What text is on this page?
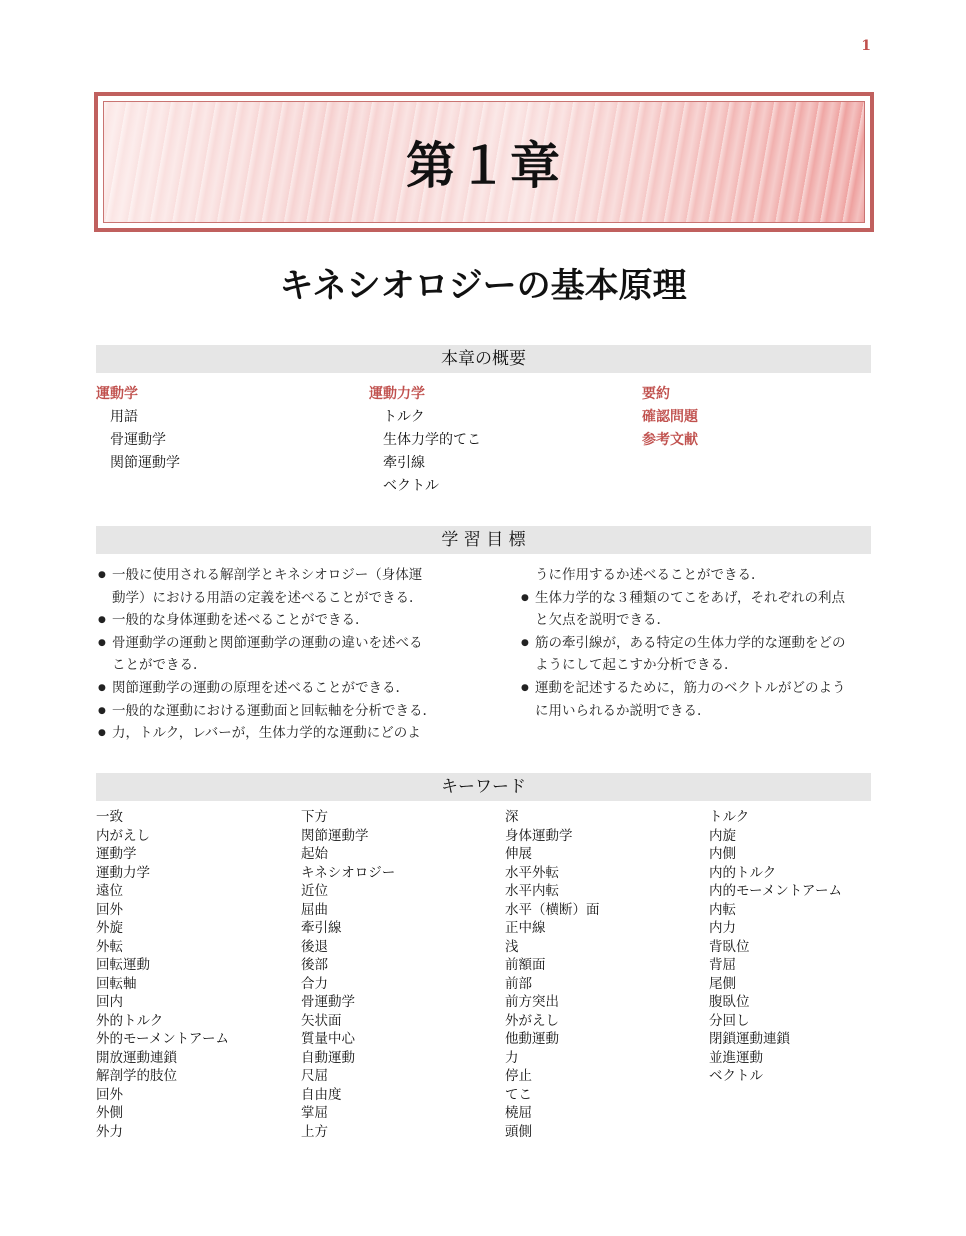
1
第１章
キネシオロジーの基本原理
本章の概要
運動学
用語
骨運動学
関節運動学
運動力学
トルク
生体力学的てこ
牽引線
ベクトル
要約
確認問題
参考文献
学 習 目 標
● 一般に使用される解剖学とキネシオロジー（身体運
動学）における用語の定義を述べることができる.
● 一般的な身体運動を述べることができる.
● 骨運動学の運動と関節運動学の運動の違いを述べる
ことができる.
● 関節運動学の運動の原理を述べることができる.
● 一般的な運動における運動面と回転軸を分析できる.
● 力，トルク，レバーが，生体力学的な運動にどのよ
うに作用するか述べることができる.
● 生体力学的な３種類のてこをあげ，それぞれの利点
と欠点を説明できる.
● 筋の牽引線が，ある特定の生体力学的な運動をどの
ようにして起こすか分析できる.
● 運動を記述するために，筋力のベクトルがどのよう
に用いられるか説明できる.
キーワード
一致
内がえし
運動学
運動力学
遠位
回外
外旋
外転
回転運動
回転軸
回内
外的トルク
外的モーメントアーム
開放運動連鎖
解剖学的肢位
回外
外側
外力
下方
関節運動学
起始
キネシオロジー
近位
屈曲
牽引線
後退
後部
合力
骨運動学
矢状面
質量中心
自動運動
尺屈
自由度
掌屈
上方
深
身体運動学
伸展
水平外転
水平内転
水平（横断）面
正中線
浅
前額面
前部
前方突出
外がえし
他動運動
力
停止
てこ
橈屈
頭側
トルク
内旋
内側
内的トルク
内的モーメントアーム
内転
内力
背臥位
背屈
尾側
腹臥位
分回し
閉鎖運動連鎖
並進運動
ベクトル
